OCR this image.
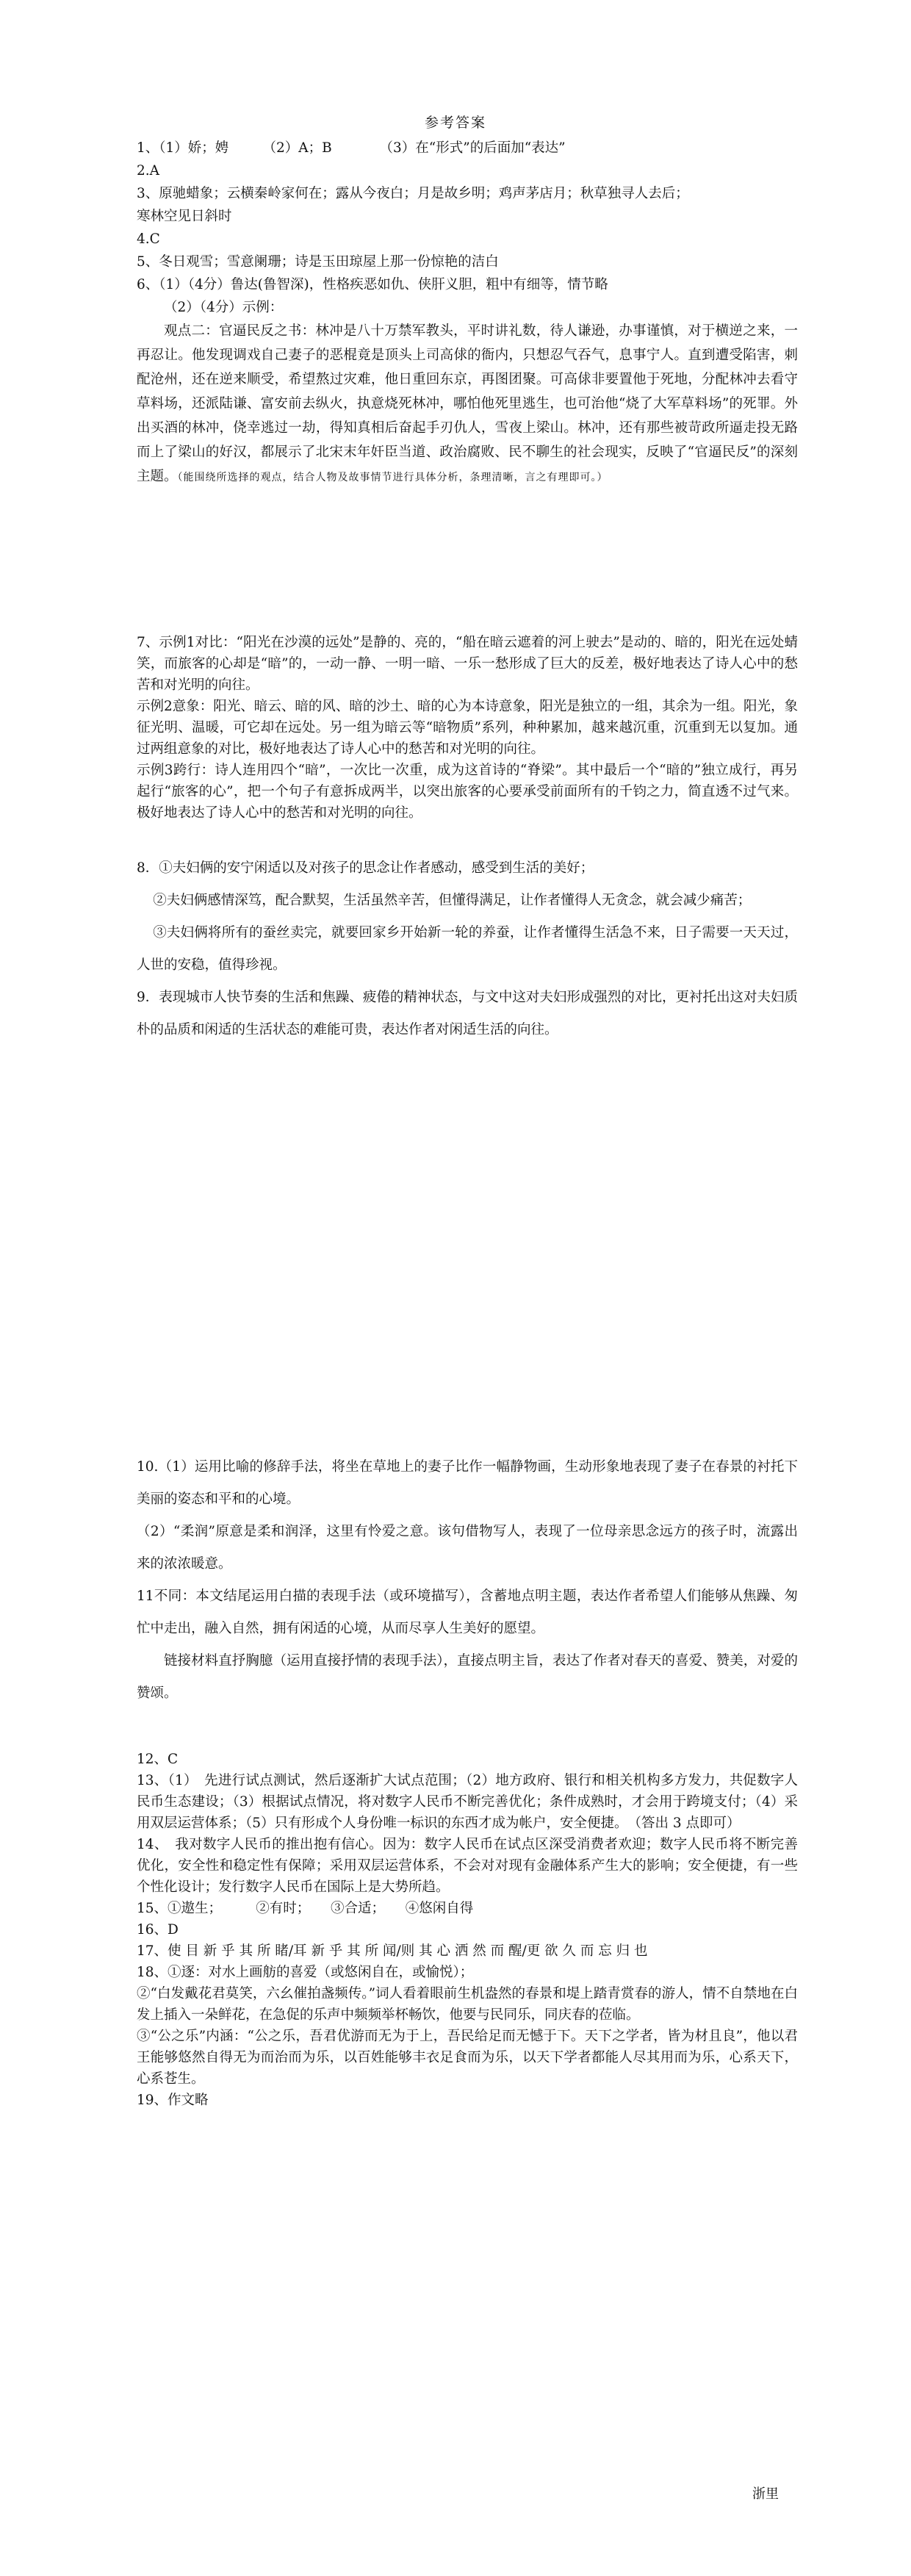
参考答案

1、（1）娇；娉　　　（2）A；B　　　　（3）在“形式”的后面加“表达”

2.A

3、原驰蜡象；云横秦岭家何在；露从今夜白；月是故乡明；鸡声茅店月；秋草独寻人去后；

寒林空见日斜时

4.C

5、冬日观雪；雪意阑珊；诗是玉田琼屋上那一份惊艳的洁白

6、（1）（4分）鲁达(鲁智深)，性格疾恶如仇、侠肝义胆，粗中有细等，情节略

（2）（4分）示例：

观点二：官逼民反之书：林冲是八十万禁军教头，平时讲礼数，待人谦逊，办事谨慎，对于横逆之来，一再忍让。他发现调戏自己妻子的恶棍竟是顶头上司高俅的衙内，只想忍气吞气，息事宁人。直到遭受陷害，刺配沧州，还在逆来顺受，希望熬过灾难，他日重回东京，再图团聚。可高俅非要置他于死地，分配林冲去看守草料场，还派陆谦、富安前去纵火，执意烧死林冲，哪怕他死里逃生，也可治他“烧了大军草料场”的死罪。外出买酒的林冲，侥幸逃过一劫，得知真相后奋起手刃仇人，雪夜上梁山。林冲，还有那些被苛政所逼走投无路而上了梁山的好汉，都展示了北宋末年奸臣当道、政治腐败、民不聊生的社会现实，反映了“官逼民反”的深刻主题。（能围绕所选择的观点，结合人物及故事情节进行具体分析，条理清晰，言之有理即可。）

7、示例1对比：“阳光在沙漠的远处”是静的、亮的，“船在暗云遮着的河上驶去”是动的、暗的，阳光在远处蜻笑，而旅客的心却是“暗”的，一动一静、一明一暗、一乐一愁形成了巨大的反差，极好地表达了诗人心中的愁苦和对光明的向往。

示例2意象：阳光、暗云、暗的风、暗的沙土、暗的心为本诗意象，阳光是独立的一组，其余为一组。阳光，象征光明、温暖，可它却在远处。另一组为暗云等“暗物质”系列，种种累加，越来越沉重，沉重到无以复加。通过两组意象的对比，极好地表达了诗人心中的愁苦和对光明的向往。

示例3跨行：诗人连用四个“暗”，一次比一次重，成为这首诗的“脊梁”。其中最后一个“暗的”独立成行，再另起行“旅客的心”，把一个句子有意拆成两半，以突出旅客的心要承受前面所有的千钧之力，简直透不过气来。极好地表达了诗人心中的愁苦和对光明的向往。

8．①夫妇俩的安宁闲适以及对孩子的思念让作者感动，感受到生活的美好；

②夫妇俩感情深笃，配合默契，生活虽然辛苦，但懂得满足，让作者懂得人无贪念，就会减少痛苦；

③夫妇俩将所有的蚕丝卖完，就要回家乡开始新一轮的养蚕，让作者懂得生活急不来，日子需要一天天过，人世的安稳，值得珍视。

9．表现城市人快节奏的生活和焦躁、疲倦的精神状态，与文中这对夫妇形成强烈的对比，更衬托出这对夫妇质朴的品质和闲适的生活状态的难能可贵，表达作者对闲适生活的向往。

10.（1）运用比喻的修辞手法，将坐在草地上的妻子比作一幅静物画，生动形象地表现了妻子在春景的衬托下美丽的姿态和平和的心境。

（2）“柔润”原意是柔和润泽，这里有怜爱之意。该句借物写人，表现了一位母亲思念远方的孩子时，流露出来的浓浓暖意。

11不同：本文结尾运用白描的表现手法（或环境描写），含蓄地点明主题，表达作者希望人们能够从焦躁、匆忙中走出，融入自然，拥有闲适的心境，从而尽享人生美好的愿望。

链接材料直抒胸臆（运用直接抒情的表现手法），直接点明主旨，表达了作者对春天的喜爱、赞美，对爱的赞颂。

12、C

13、（1）　先进行试点测试，然后逐渐扩大试点范围；（2）地方政府、银行和相关机构多方发力，共促数字人民币生态建设；（3）根据试点情况，将对数字人民币不断完善优化；条件成熟时，才会用于跨境支付；（4）采用双层运营体系；（5）只有形成个人身份唯一标识的东西才成为帐户，安全便捷。　（答出 3 点即可）

14、　我对数字人民币的推出抱有信心。因为：数字人民币在试点区深受消费者欢迎；数字人民币将不断完善优化，安全性和稳定性有保障；采用双层运营体系，不会对对现有金融体系产生大的影响；安全便捷，有一些个性化设计；发行数字人民币在国际上是大势所趋。

15、①遨生；　　　②有时；　　③合适；　　④悠闲自得

16、D

17、使 目 新 乎 其 所 睹/耳 新 乎 其 所 闻/则 其 心 洒 然 而 醒/更 欲 久 而 忘 归 也

18、①逐：对水上画舫的喜爱（或悠闲自在，或愉悦）；

②“白发戴花君莫笑，六幺催拍盏频传。”词人看着眼前生机盎然的春景和堤上踏青赏春的游人，情不自禁地在白发上插入一朵鲜花，在急促的乐声中频频举杯畅饮，他要与民同乐，同庆春的莅临。

③“公之乐”内涵：“公之乐，吾君优游而无为于上，吾民给足而无憾于下。天下之学者，皆为材且良”，他以君王能够悠然自得无为而治而为乐，以百姓能够丰衣足食而为乐，以天下学者都能人尽其用而为乐，心系天下，心系苍生。

19、作文略

浙里
